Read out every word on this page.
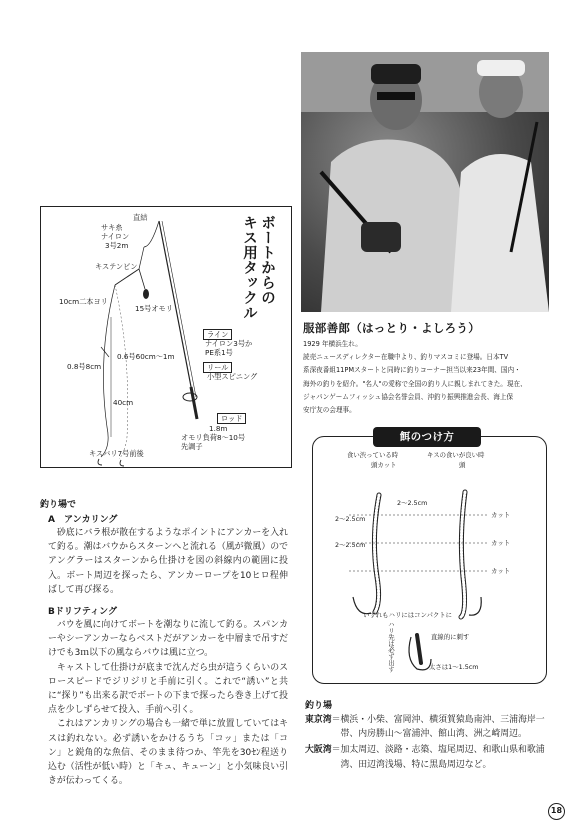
ボートからの
キス用タックル
直結
サキ糸
ナイロン
3号2m
キステンビン
10cm二本ヨリ
15号オモリ
0.6号60cm～1m
0.8号8cm
40cm
キスバリ7号前後
ライン
ナイロン3号か
PE系1号
リール
小型スピニング
ロッド
1.8m
オモリ負荷8～10号
先調子
服部善郎（はっとり・よしろう）

1929 年横浜生れ。

読売ニュースディレクター在職中より、釣りマスコミに登場。日本TV

系深夜番組11PMスタートと同時に釣りコーナー担当以来23年間、国内・

海外の釣りを紹介。"名人"の愛称で全国の釣り人に親しまれてきた。現在、

ジャパンゲームフィッシュ協会名誉会員、沖釣り振興推進会長、海上保

安庁友の会理事。

餌のつけ方
食い渋っている時	キスの食いが良い時
頭カット	頭
2～2.5cm
2～2.5cm
2～2.5cm
カット
カット
カット
いずれもハリにはコンパクトに
ハリ先は必ず出す	直線的に刺す
太さは1～1.5cm
釣り場で
A　アンカリング

砂底にバラ根が散在するようなポイントにアンカーを入れて釣る。潮はバウからスターンへと流れる（風が微風）ので アングラーはスターンから仕掛けを図の斜線内の範囲に投入。ボート周辺を探ったら、アンカーロープを10ヒロ程伸ばして再び探る。

Bドリフティング

バウを風に向けてボートを潮なりに流して釣る。スパンカーやシーアンカーならベストだがアンカーを中層まで吊すだけでも3ｍ以下の風ならバウは風に立つ。

キャストして仕掛けが底まで沈んだら虫が這うくらいのスロースピードでジリジリと手前に引く。これで“誘い”と共に“探り”も出来る訳でボートの下まで探ったら巻き上げて投点を少しずらせて投入、手前へ引く。

これはアンカリングの場合も一緒で単に放置していてはキスは釣れない。必ず誘いをかけるうち「コッ」または「コン」と鋭角的な魚信、そのまま待つか、竿先を30ｾﾝ程送り込む（活性が低い時）と「キュ、キューン」と小気味良い引きが伝わってくる。

釣り場
東京湾 ＝ 横浜・小柴、富岡沖、横須賀猿島南沖、三浦海岸一帯、内房勝山～富浦沖、館山湾、洲之崎周辺。
大阪湾 ＝ 加太周辺、淡路・志築、塩尾周辺、和歌山県和歌浦湾、田辺湾浅場、特に黒島周辺など。
18
